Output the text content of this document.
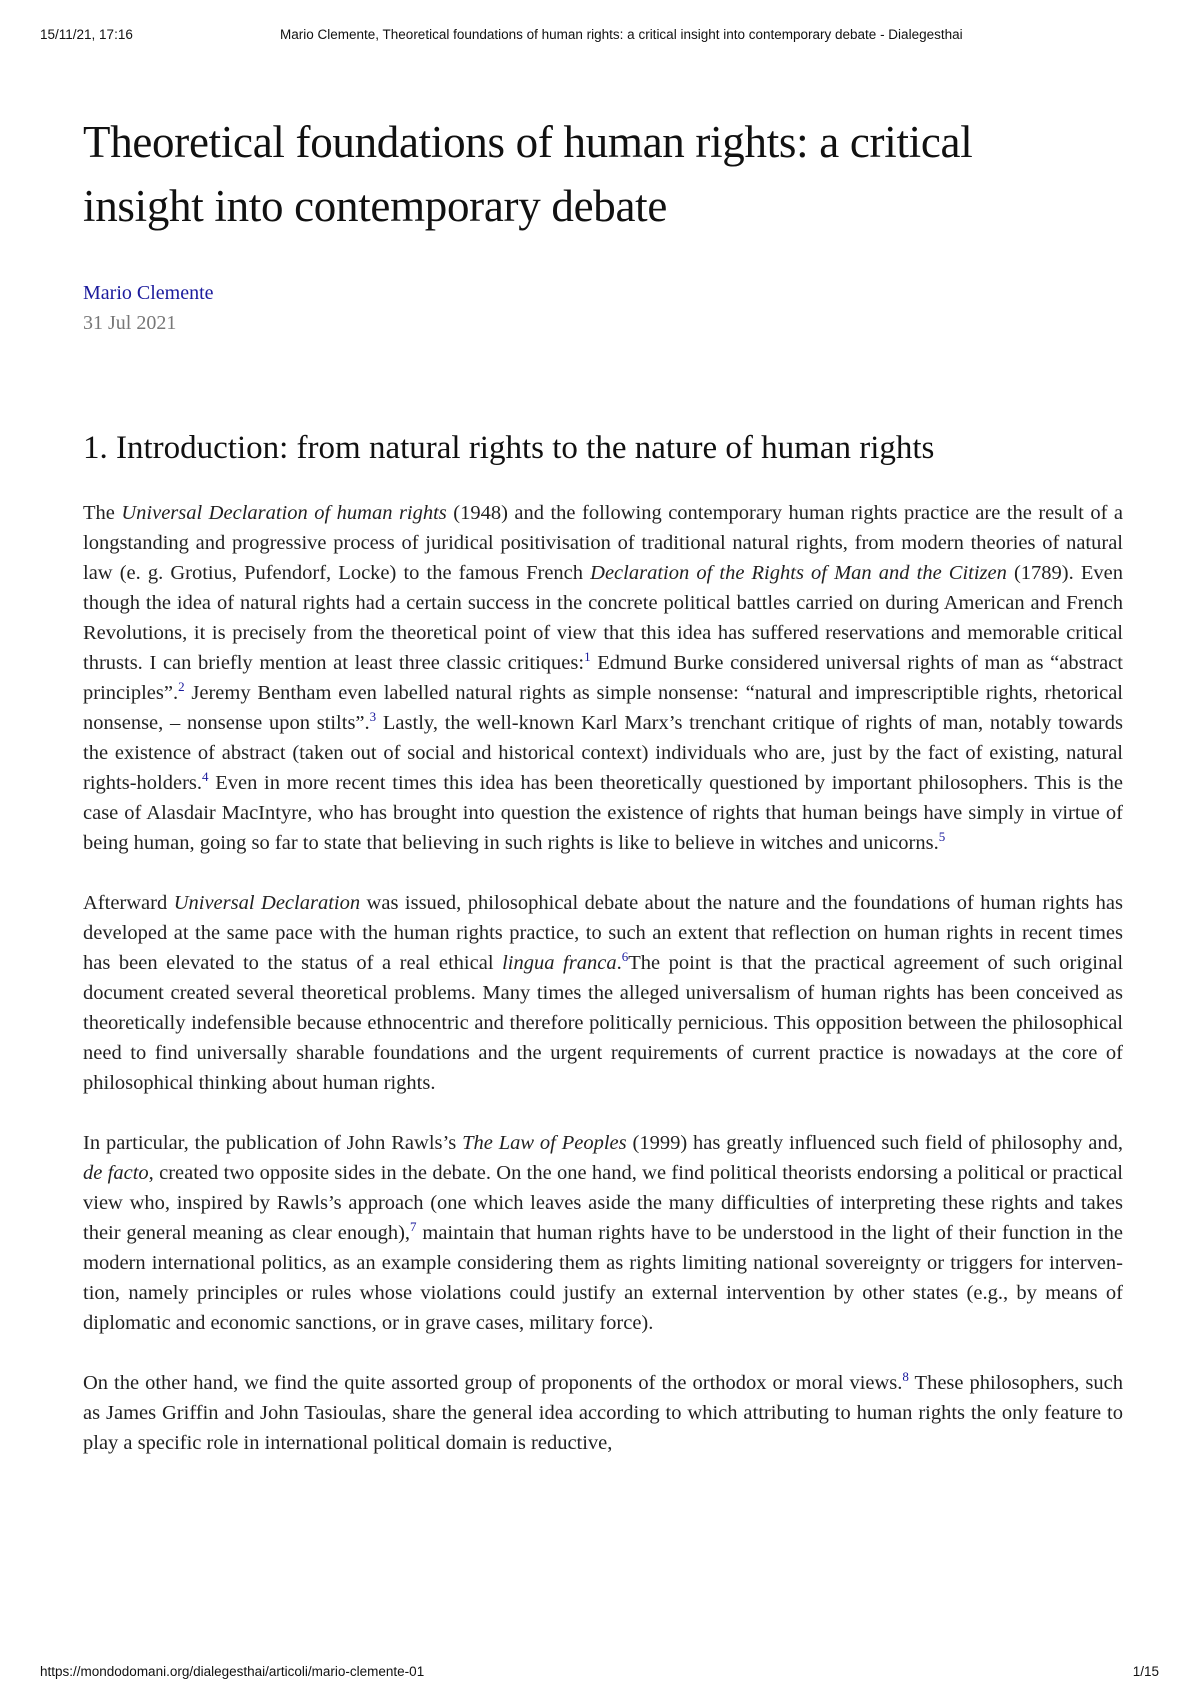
15/11/21, 17:16	Mario Clemente, Theoretical foundations of human rights: a critical insight into contemporary debate - Dialegesthai
Theoretical foundations of human rights: a critical insight into contemporary debate
Mario Clemente
31 Jul 2021
1. Introduction: from natural rights to the nature of human rights

The Universal Declaration of human rights (1948) and the following contemporary human rights practice are the result of a longstanding and progressive process of juridical positivisation of traditional natural rights, from modern theories of natural law (e. g. Grotius, Pufendorf, Locke) to the famous French Declaration of the Rights of Man and the Citizen (1789). Even though the idea of natural rights had a certain success in the concrete political battles carried on during American and French Revolutions, it is precisely from the theoretical point of view that this idea has suffered reservations and memorable critical thrusts. I can briefly mention at least three classic critiques:$^1$ Edmund Burke considered universal rights of man as “abstract principles”.$^2$ Jeremy Bentham even labelled natural rights as simple nonsense: “natural and imprescriptible rights, rhetorical nonsense, – nonsense upon stilts”.$^3$ Lastly, the well-known Karl Marx’s trenchant critique of rights of man, notably towards the existence of abstract (taken out of social and historical context) individuals who are, just by the fact of existing, natural rights-holders.$^4$ Even in more recent times this idea has been theoretically questioned by important philosophers. This is the case of Alasdair MacIntyre, who has brought into question the existence of rights that human beings have simply in virtue of being human, going so far to state that believing in such rights is like to believe in witches and unicorns.$^5$

Afterward Universal Declaration was issued, philosophical debate about the nature and the foundations of human rights has developed at the same pace with the human rights practice, to such an extent that reflection on human rights in recent times has been elevated to the status of a real ethical lingua franca.$^6$The point is that the practical agreement of such original document created several theoretical problems. Many times the alleged universalism of human rights has been conceived as theoretically indefensible because ethnocentric and therefore politically pernicious. This opposition between the philosophical need to find universally sharable foundations and the urgent requirements of current practice is nowadays at the core of philosophical thinking about human rights.

In particular, the publication of John Rawls’s The Law of Peoples (1999) has greatly influenced such field of philosophy and, de facto, created two opposite sides in the debate. On the one hand, we find political theorists endorsing a political or practical view who, inspired by Rawls’s approach (one which leaves aside the many difficulties of interpreting these rights and takes their general meaning as clear enough),$^7$ maintain that human rights have to be understood in the light of their function in the modern international politics, as an example considering them as rights limiting national sovereignty or triggers for intervention, namely principles or rules whose violations could justify an external intervention by other states (e.g., by means of diplomatic and economic sanctions, or in grave cases, military force).

On the other hand, we find the quite assorted group of proponents of the orthodox or moral views.$^8$ These philosophers, such as James Griffin and John Tasioulas, share the general idea according to which attributing to human rights the only feature to play a specific role in international political domain is reductive,

https://mondodomani.org/dialegesthai/articoli/mario-clemente-01	1/15
